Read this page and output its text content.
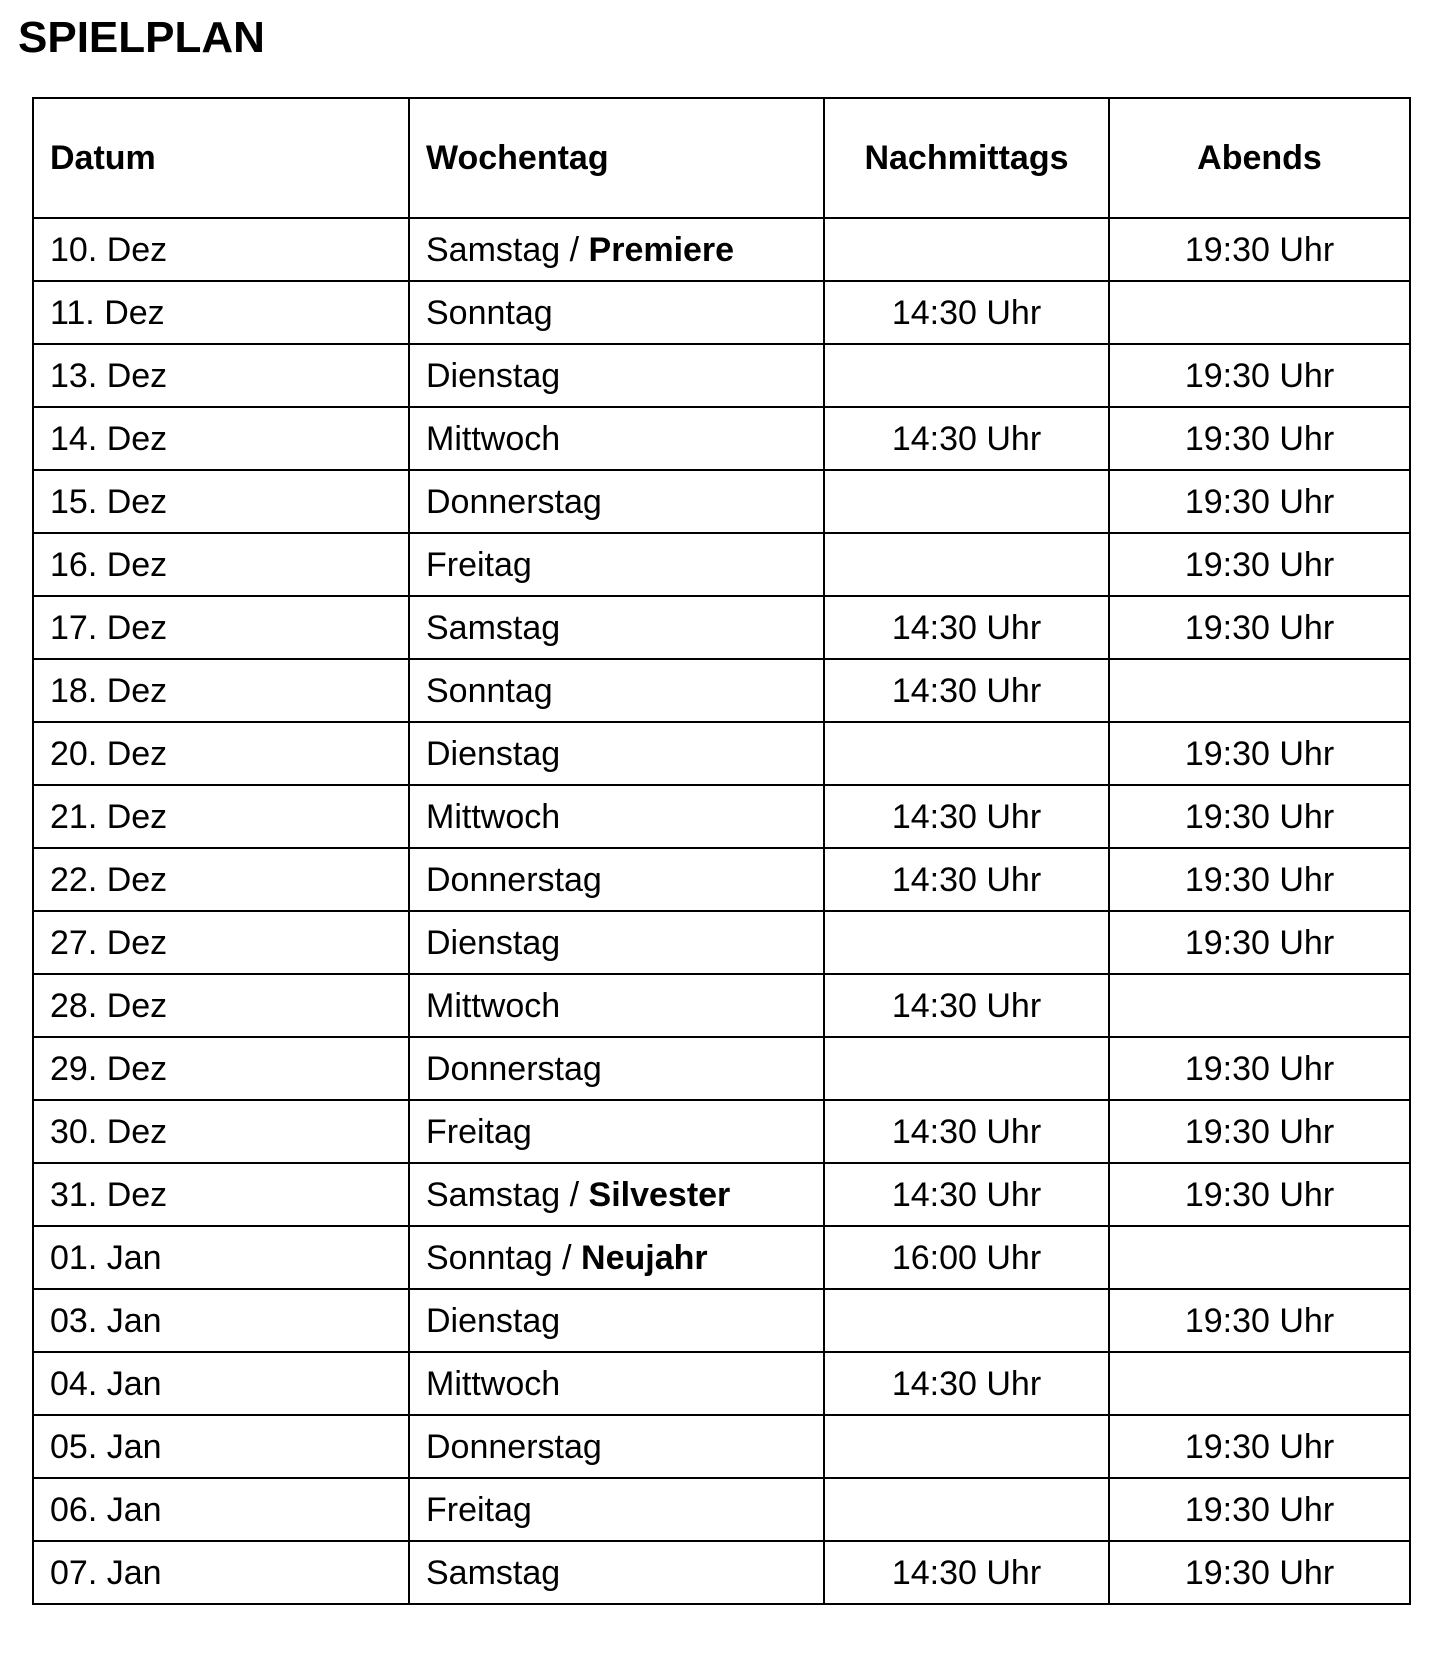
SPIELPLAN
Datum	Wochentag	Nachmittags	Abends
10. Dez	Samstag / Premiere		19:30 Uhr
11. Dez	Sonntag	14:30 Uhr	
13. Dez	Dienstag		19:30 Uhr
14. Dez	Mittwoch	14:30 Uhr	19:30 Uhr
15. Dez	Donnerstag		19:30 Uhr
16. Dez	Freitag		19:30 Uhr
17. Dez	Samstag	14:30 Uhr	19:30 Uhr
18. Dez	Sonntag	14:30 Uhr	
20. Dez	Dienstag		19:30 Uhr
21. Dez	Mittwoch	14:30 Uhr	19:30 Uhr
22. Dez	Donnerstag	14:30 Uhr	19:30 Uhr
27. Dez	Dienstag		19:30 Uhr
28. Dez	Mittwoch	14:30 Uhr	
29. Dez	Donnerstag		19:30 Uhr
30. Dez	Freitag	14:30 Uhr	19:30 Uhr
31. Dez	Samstag / Silvester	14:30 Uhr	19:30 Uhr
01. Jan	Sonntag / Neujahr	16:00 Uhr	
03. Jan	Dienstag		19:30 Uhr
04. Jan	Mittwoch	14:30 Uhr	
05. Jan	Donnerstag		19:30 Uhr
06. Jan	Freitag		19:30 Uhr
07. Jan	Samstag	14:30 Uhr	19:30 Uhr
